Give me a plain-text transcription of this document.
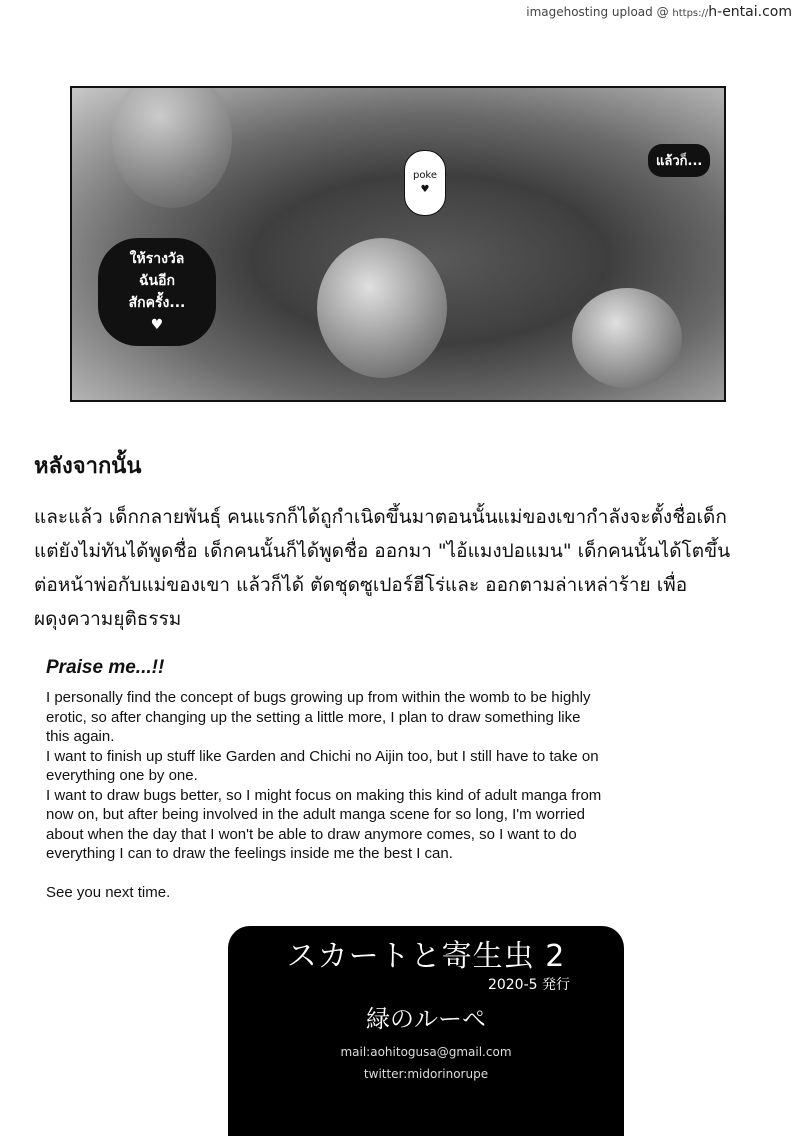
imagehosting upload @ https://h-entai.com
แล้วก็...
poke
♥
ให้รางวัล
ฉันอีก
สักครั้ง...
♥
หลังจากนั้น
และแล้ว เด็กกลายพันธุ์ คนแรกก็ได้ถูกำเนิดขึ้นมาตอนนั้นแม่ของเขากำลังจะตั้งชื่อเด็ก
แต่ยังไม่ทันได้พูดชื่อ เด็กคนนั้นก็ได้พูดชื่อ ออกมา "ไอ้แมงปอแมน" เด็กคนนั้นได้โตขึ้น
ต่อหน้าพ่อกับแม่ของเขา แล้วก็ได้ ตัดชุดซูเปอร์ฮีโร่และ ออกตามล่าเหล่าร้าย เพื่อ
ผดุงความยุติธรรม
Praise me...!!

I personally find the concept of bugs growing up from within the womb to be highly

erotic, so after changing up the setting a little more, I plan to draw something like

this again.

I want to finish up stuff like Garden and Chichi no Aijin too, but I still have to take on

everything one by one.

I want to draw bugs better, so I might focus on making this kind of adult manga from

now on, but after being involved in the adult manga scene for so long, I'm worried

about when the day that I won't be able to draw anymore comes, so I want to do

everything I can to draw the feelings inside me the best I can.

See you next time.

スカートと寄生虫 2
2020-5 発行
緑のルーペ
mail:aohitogusa@gmail.com
twitter:midorinorupe
